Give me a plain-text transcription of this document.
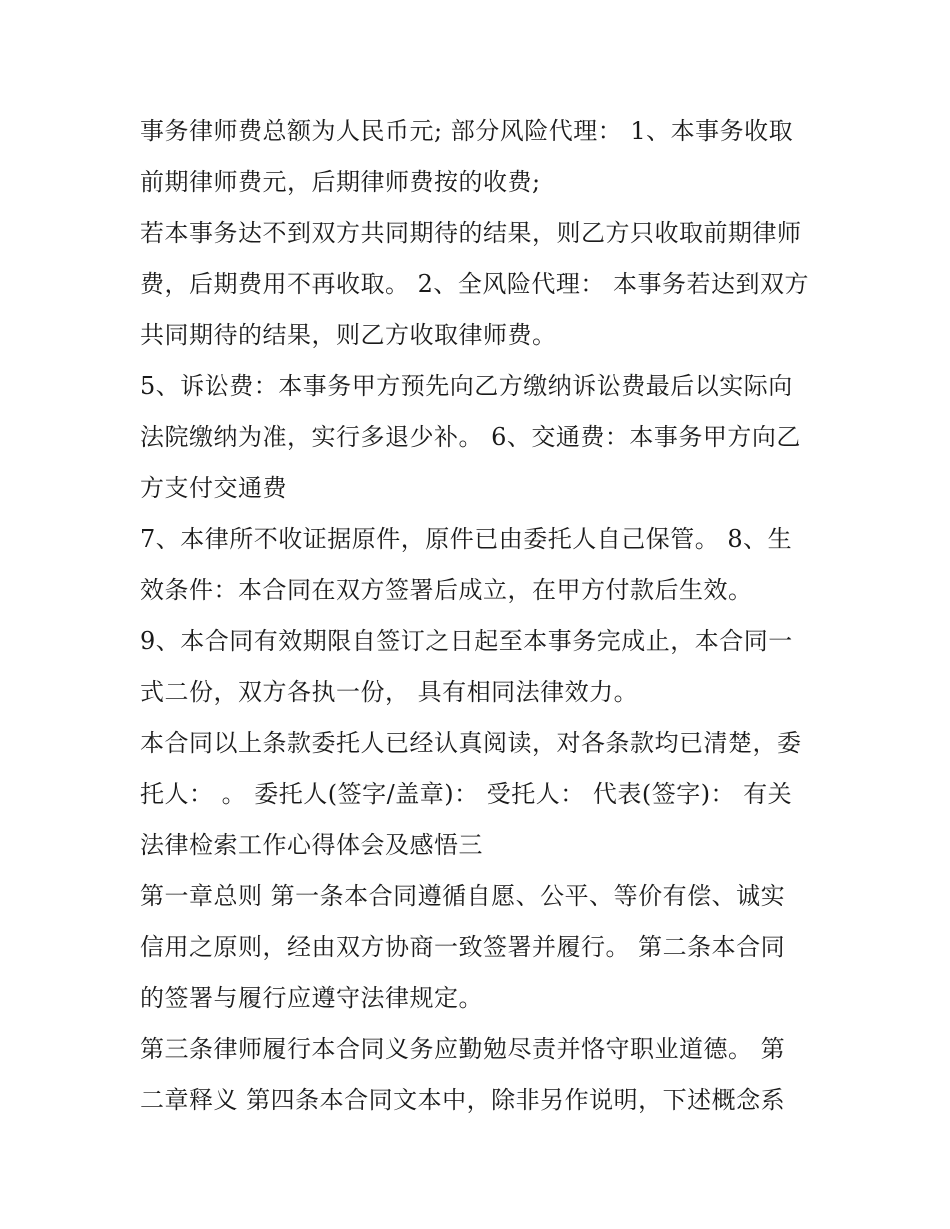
事务律师费总额为人民币元; 部分风险代理： 1、本事务收取
前期律师费元，后期律师费按的收费;
若本事务达不到双方共同期待的结果，则乙方只收取前期律师
费，后期费用不再收取。 2、全风险代理： 本事务若达到双方
共同期待的结果，则乙方收取律师费。
5、诉讼费：本事务甲方预先向乙方缴纳诉讼费最后以实际向
法院缴纳为准，实行多退少补。 6、交通费：本事务甲方向乙
方支付交通费
7、本律所不收证据原件，原件已由委托人自己保管。 8、生
效条件：本合同在双方签署后成立，在甲方付款后生效。
9、本合同有效期限自签订之日起至本事务完成止，本合同一
式二份，双方各执一份， 具有相同法律效力。
本合同以上条款委托人已经认真阅读，对各条款均已清楚，委
托人： 。 委托人(签字/盖章)： 受托人： 代表(签字)： 有关
法律检索工作心得体会及感悟三
第一章总则 第一条本合同遵循自愿、公平、等价有偿、诚实
信用之原则，经由双方协商一致签署并履行。 第二条本合同
的签署与履行应遵守法律规定。
第三条律师履行本合同义务应勤勉尽责并恪守职业道德。 第
二章释义 第四条本合同文本中，除非另作说明，下述概念系
